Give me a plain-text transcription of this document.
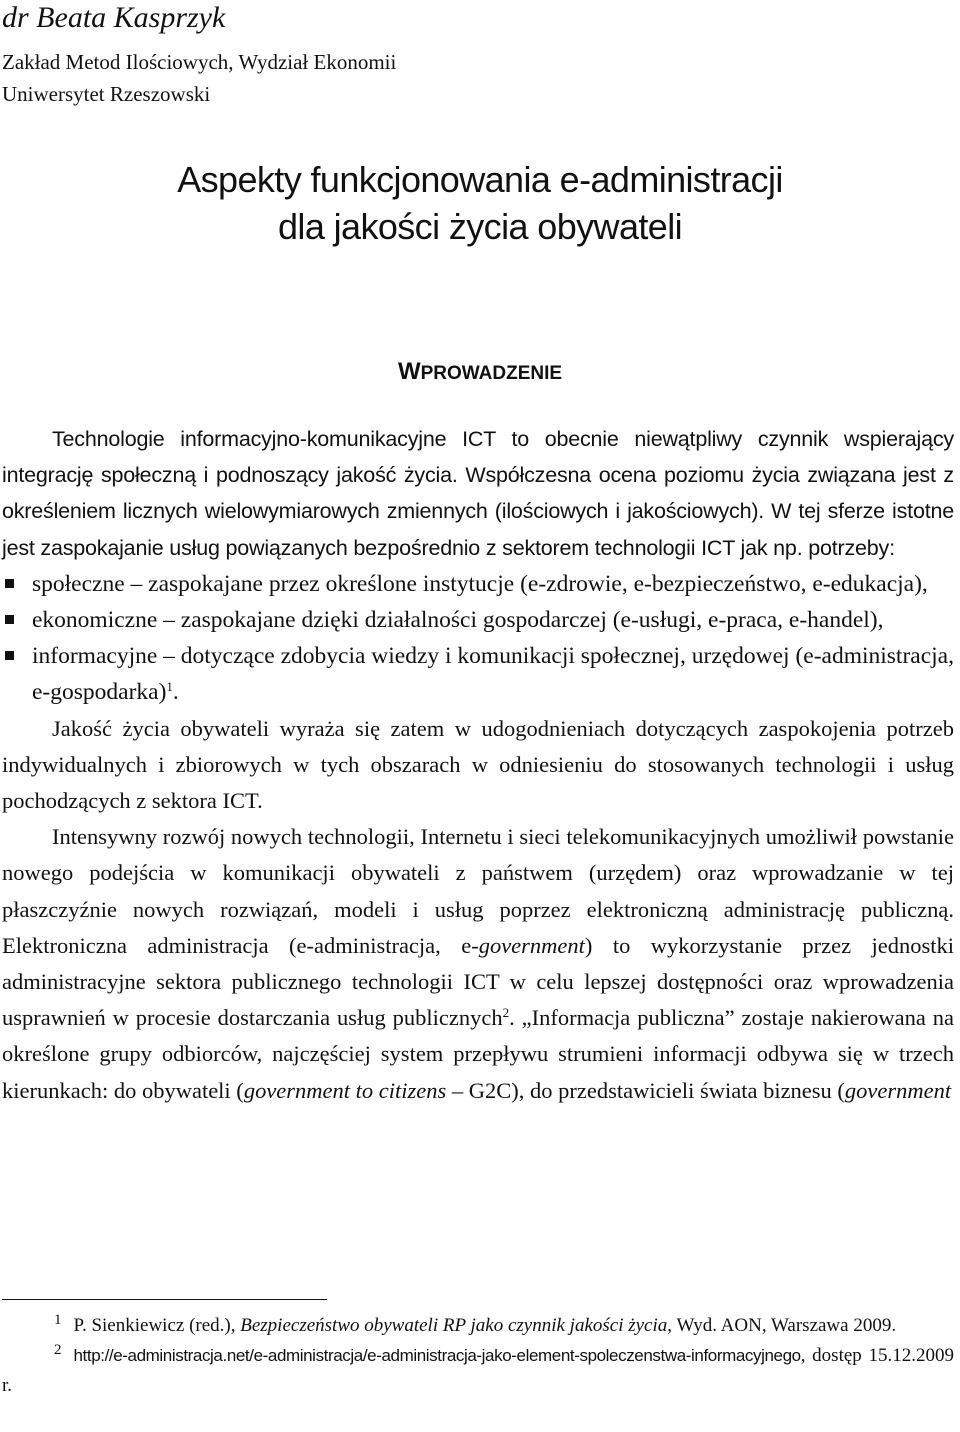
dr Beata Kasprzyk
Zakład Metod Ilościowych, Wydział Ekonomii
Uniwersytet Rzeszowski
Aspekty funkcjonowania e-administracji
dla jakości życia obywateli
WPROWADZENIE

Technologie informacyjno-komunikacyjne ICT to obecnie niewątpliwy czynnik wspierający integrację społeczną i podnoszący jakość życia. Współczesna ocena poziomu życia związana jest z określeniem licznych wielowymiarowych zmiennych (ilościowych i jakościowych). W tej sferze istotne jest zaspokajanie usług powiązanych bezpośrednio z sektorem technologii ICT jak np. potrzeby:

społeczne – zaspokajane przez określone instytucje (e-zdrowie, e-bezpieczeństwo, e-edukacja),
ekonomiczne – zaspokajane dzięki działalności gospodarczej (e-usługi, e-praca, e-handel),
informacyjne – dotyczące zdobycia wiedzy i komunikacji społecznej, urzędowej (e-administracja, e-gospodarka)$^1$.

Jakość życia obywateli wyraża się zatem w udogodnieniach dotyczących zaspokojenia potrzeb indywidualnych i zbiorowych w tych obszarach w odniesieniu do stosowanych technologii i usług pochodzących z sektora ICT.

Intensywny rozwój nowych technologii, Internetu i sieci telekomunikacyjnych umożliwił powstanie nowego podejścia w komunikacji obywateli z państwem (urzędem) oraz wprowadzanie w tej płaszczyźnie nowych rozwiązań, modeli i usług poprzez elektroniczną administrację publiczną. Elektroniczna administracja (e-administracja, e-government) to wykorzystanie przez jednostki administracyjne sektora publicznego technologii ICT w celu lepszej dostępności oraz wprowadzenia usprawnień w procesie dostarczania usług publicznych$^2$. „Informacja publiczna” zostaje nakierowana na określone grupy odbiorców, najczęściej system przepływu strumieni informacji odbywa się w trzech kierunkach: do obywateli (government to citizens – G2C), do przedstawicieli świata biznesu (government

$^1$ P. Sienkiewicz (red.), Bezpieczeństwo obywateli RP jako czynnik jakości życia, Wyd. AON, Warszawa 2009.

$^2$ http://e-administracja.net/e-administracja/e-administracja-jako-element-spoleczenstwa-informacyjnego, dostęp 15.12.2009 r.
